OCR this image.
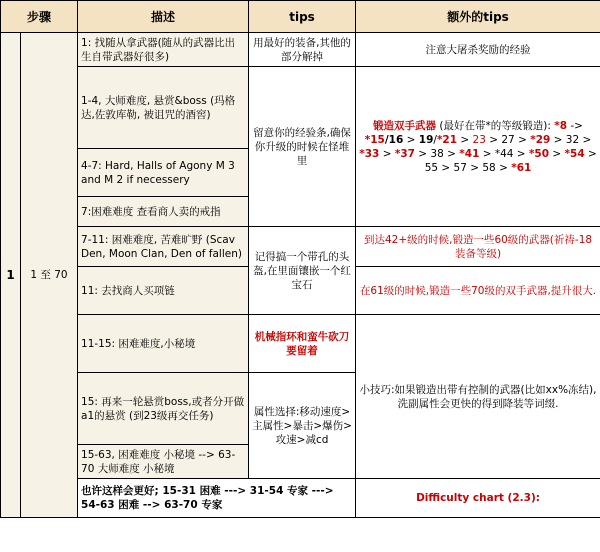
步骤		描述	tips	额外的tips	
1	1 至 70	1: 找随从拿武器(随从的武器比出生自带武器好很多)	用最好的装备,其他的部分解掉	注意大屠杀奖励的经验	
		1-4, 大师难度, 悬赏&boss (玛格达,佐敦库勒, 被诅咒的酒窖)	留意你的经验条,确保你升级的时候在怪堆里	锻造双手武器 (最好在带*的等级锻造): *8 -> *15/16 > 19/*21 > 23 > 27 > *29 > 32 > *33 > *37 > 38 > *41 > *44 > *50 > *54 > 55 > 57 > 58 > *61	
		4-7: Hard, Halls of Agony M 3 and M 2 if necessery			
		7:困难难度 查看商人卖的戒指			
		7-11: 困难难度, 苦难旷野 (Scav Den, Moon Clan, Den of fallen)	记得搞一个带孔的头盔,在里面镶嵌一个红宝石	到达42+级的时候,锻造一些60级的武器(祈祷-18装备等级)	
		11: 去找商人买项链		在61级的时候,锻造一些70级的双手武器,提升很大.	
		11-15: 困难难度,小秘境	机械指环和蛮牛砍刀要留着	小技巧:如果锻造出带有控制的武器(比如xx%冻结), 洗副属性会更快的得到降装等词缀.	
		15: 再来一轮悬赏boss,或者分开做a1的悬赏 (到23级再交任务)	属性选择:移动速度>主属性>暴击>爆伤>攻速>减cd		
		15-63, 困难难度 小秘境 --> 63-70 大师难度 小秘境			
		也许这样会更好; 15-31 困难 ---> 31-54 专家 ---> 54-63 困难 --> 63-70 专家		Difficulty chart (2.3):	
